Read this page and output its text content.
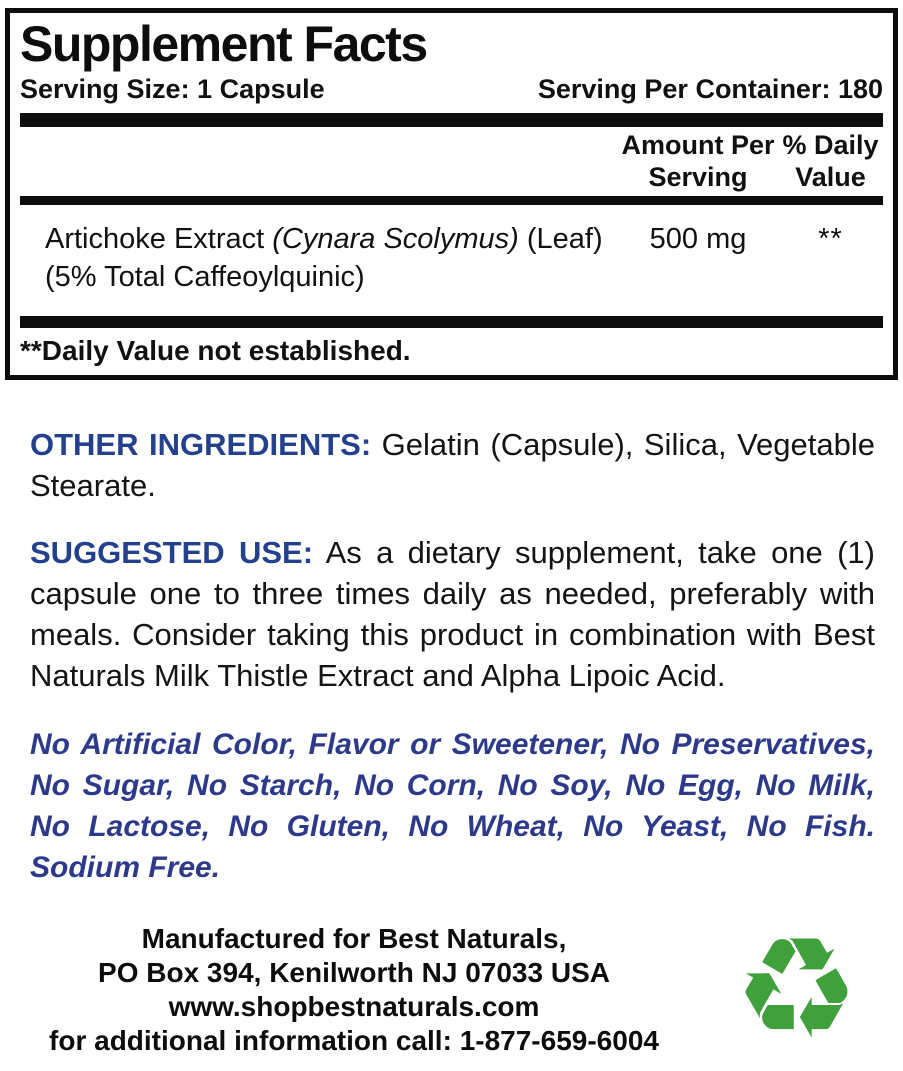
Supplement Facts
Serving Size: 1 Capsule	Serving Per Container: 180
Amount Per
Serving
% Daily
Value
Artichoke Extract (Cynara Scolymus) (Leaf)
(5% Total Caffeoylquinic)
500 mg	**
**Daily Value not established.

OTHER INGREDIENTS: Gelatin (Capsule), Silica, Vegetable Stearate.

SUGGESTED USE: As a dietary supplement, take one (1) capsule one to three times daily as needed, preferably with meals. Consider taking this product in combination with Best Naturals Milk Thistle Extract and Alpha Lipoic Acid.

No Artificial Color, Flavor or Sweetener, No Preservatives, No Sugar, No Starch, No Corn, No Soy, No Egg, No Milk, No Lactose, No Gluten, No Wheat, No Yeast, No Fish. Sodium Free.

Manufactured for Best Naturals,
PO Box 394, Kenilworth NJ 07033 USA
www.shopbestnaturals.com
for additional information call: 1-877-659-6004 ♻
